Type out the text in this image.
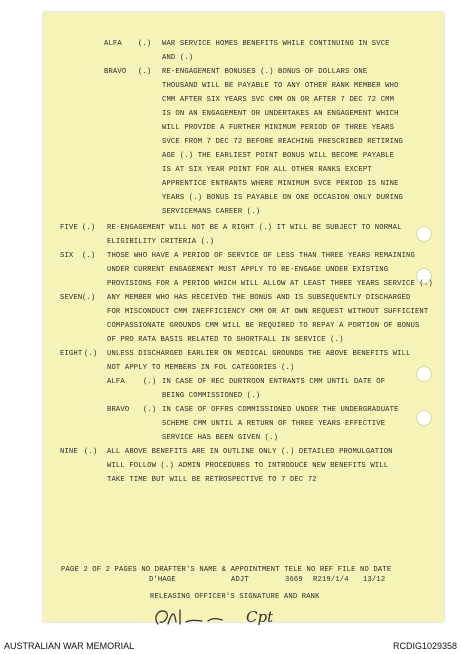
ALFA (.) WAR SERVICE HOMES BENEFITS WHILE CONTINUING IN SVCE
AND (.)
BRAVO (.) RE-ENGAGEMENT BONUSES (.) BONUS OF DOLLARS ONE
THOUSAND WILL BE PAYABLE TO ANY OTHER RANK MEMBER WHO
CMM AFTER SIX YEARS SVC CMM ON OR AFTER 7 DEC 72 CMM
IS ON AN ENGAGEMENT OR UNDERTAKES AN ENGAGEMENT WHICH
WILL PROVIDE A FURTHER MINIMUM PERIOD OF THREE YEARS
SVCE FROM 7 DEC 72 BEFORE REACHING PRESCRIBED RETIRING
AGE (.) THE EARLIEST POINT BONUS WILL BECOME PAYABLE
IS AT SIX YEAR POINT FOR ALL OTHER RANKS EXCEPT
APPRENTICE ENTRANTS WHERE MINIMUM SVCE PERIOD IS NINE
YEARS (.) BONUS IS PAYABLE ON ONE OCCASION ONLY DURING
SERVICEMANS CAREER (.)
FIVE (.) RE-ENGAGEMENT WILL NOT BE A RIGHT (.) IT WILL BE SUBJECT TO NORMAL
ELIGIBILITY CRITERIA (.)
SIX (.) THOSE WHO HAVE A PERIOD OF SERVICE OF LESS THAN THREE YEARS REMAINING
UNDER CURRENT ENGAGEMENT MUST APPLY TO RE-ENGAGE UNDER EXISTING
PROVISIONS FOR A PERIOD WHICH WILL ALLOW AT LEAST THREE YEARS SERVICE (.)
SEVEN (.) ANY MEMBER WHO HAS RECEIVED THE BONUS AND IS SUBSEQUENTLY DISCHARGED
FOR MISCONDUCT CMM INEFFICIENCY CMM OR AT OWN REQUEST WITHOUT SUFFICIENT
COMPASSIONATE GROUNDS CMM WILL BE REQUIRED TO REPAY A PORTION OF BONUS
OF PRO RATA BASIS RELATED TO SHORTFALL IN SERVICE (.)
EIGHT (.) UNLESS DISCHARGED EARLIER ON MEDICAL GROUNDS THE ABOVE BENEFITS WILL
NOT APPLY TO MEMBERS IN FOL CATEGORIES (.)
ALFA	(.) IN CASE OF REC DURTROON ENTRANTS CMM UNTIL DATE OF
BEING COMMISSIONED (.)
BRAVO (.) IN CASE OF OFFRS COMMISSIONED UNDER THE UNDERGRADUATE
SCHEME CMM UNTIL A RETURN OF THREE YEARS EFFECTIVE
SERVICE HAS BEEN GIVEN (.)
NINE (.) ALL ABOVE BENEFITS ARE IN OUTLINE ONLY (.) DETAILED PROMULGATION
WILL FOLLOW (.) ADMIN PROCEDURES TO INTRODUCE NEW BENEFITS WILL
TAKE TIME BUT WILL BE RETROSPECTIVE TO 7 DEC 72
PAGE 2 OF 2 PAGES NO DRAFTER'S NAME & APPOINTMENT TELE NO REF FILE NO DATE
D'HAGE	ADJT	3669 R219/1/4 13/12
RELEASING OFFICER'S SIGNATURE AND RANK
Cpt
AUSTRALIAN WAR MEMORIAL	RCDIG1029358
